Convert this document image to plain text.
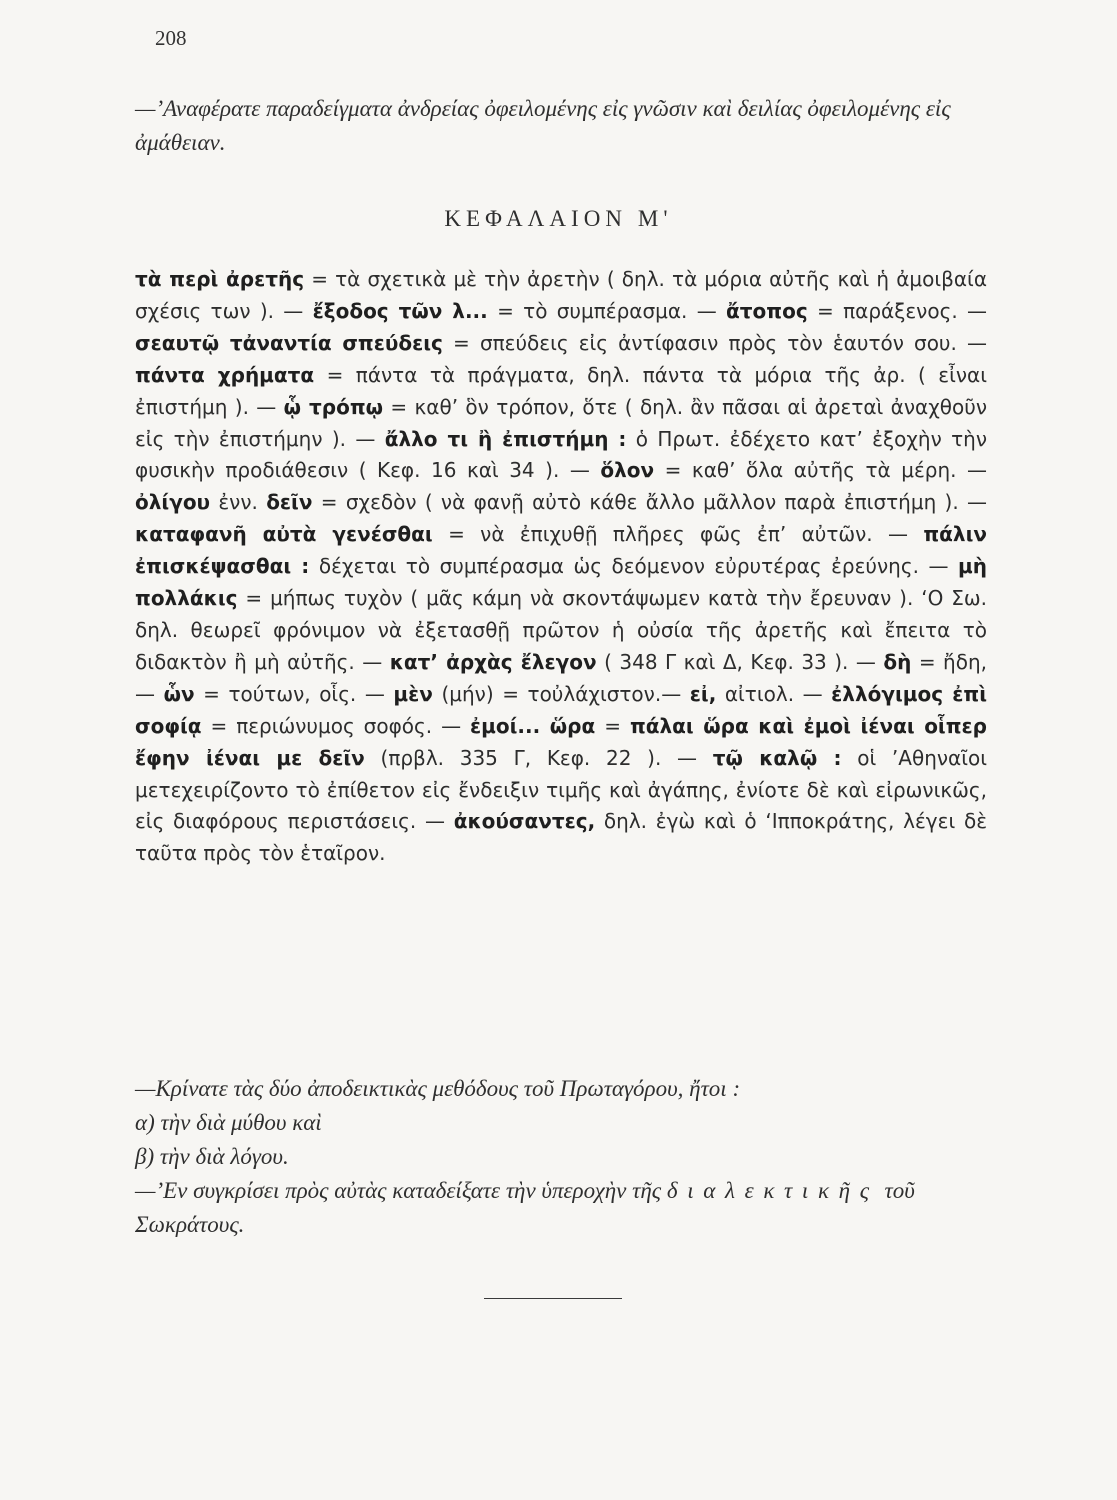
208
—’Αναφέρατε παραδείγματα ἀνδρείας ὀφειλομένης εἰς γνῶσιν καὶ δειλίας ὀφειλομένης εἰς ἀμάθειαν.
ΚΕΦΑΛΑΙΟΝ Μ'
τὰ περὶ ἀρετῆς = τὰ σχετικὰ μὲ τὴν ἀρετὴν ( δηλ. τὰ μόρια αὐτῆς καὶ ἡ ἀμοιβαία σχέσις των ). — ἔξοδος τῶν λ... = τὸ συμπέρασμα. — ἄτοπος = παράξενος. — σεαυτῷ τἀναντία σπεύδεις = σπεύδεις εἰς ἀντίφασιν πρὸς τὸν ἑαυτόν σου. — πάντα χρήματα = πάντα τὰ πράγματα, δηλ. πάντα τὰ μόρια τῆς ἀρ. ( εἶναι ἐπιστήμη ). — ᾧ τρόπῳ = καθ’ ὃν τρόπον, ὅτε ( δηλ. ἂν πᾶσαι αἱ ἀρεταὶ ἀναχθοῦν εἰς τὴν ἐπιστήμην ). — ἄλλο τι ἢ ἐπιστήμη : ὁ Πρωτ. ἐδέχετο κατ’ ἐξοχὴν τὴν φυσικὴν προδιάθεσιν ( Κεφ. 16 καὶ 34 ). — ὅλον = καθ’ ὅλα αὐτῆς τὰ μέρη. — ὀλίγου ἐνν. δεῖν = σχεδὸν ( νὰ φανῇ αὐτὸ κάθε ἄλλο μᾶλλον παρὰ ἐπιστήμη ). — καταφανῆ αὐτὰ γενέσθαι = νὰ ἐπιχυθῇ πλῆρες φῶς ἐπ’ αὐτῶν. — πάλιν ἐπισκέψασθαι : δέχεται τὸ συμπέρασμα ὡς δεόμενον εὐρυτέρας ἐρεύνης. — μὴ πολλάκις = μήπως τυχὸν ( μᾶς κάμη νὰ σκοντάψωμεν κατὰ τὴν ἔρευναν ). ‘Ο Σω. δηλ. θεωρεῖ φρόνιμον νὰ ἐξετασθῇ πρῶτον ἡ οὐσία τῆς ἀρετῆς καὶ ἔπειτα τὸ διδακτὸν ἢ μὴ αὐτῆς. — κατ’ ἀρχὰς ἔλεγον ( 348 Γ καὶ Δ, Κεφ. 33 ). — δὴ = ἤδη, — ὧν = τούτων, οἷς. — μὲν (μήν) = τοὐλάχιστον.— εἰ, αἰτιολ. — ἐλλόγιμος ἐπὶ σοφίᾳ = περιώνυμος σοφός. — ἐμοί... ὥρα = πάλαι ὥρα καὶ ἐμοὶ ἰέναι οἷπερ ἔφην ἰέναι με δεῖν (πρβλ. 335 Γ, Κεφ. 22 ). — τῷ καλῷ : οἱ ’Αθηναῖοι μετεχειρίζοντο τὸ ἐπίθετον εἰς ἔνδειξιν τιμῆς καὶ ἀγάπης, ἐνίοτε δὲ καὶ εἰρωνικῶς, εἰς διαφόρους περιστάσεις. — ἀκούσαντες, δηλ. ἐγὼ καὶ ὁ ‘Ιπποκράτης, λέγει δὲ ταῦτα πρὸς τὸν ἑταῖρον.
—Κρίνατε τὰς δύο ἀποδεικτικὰς μεθόδους τοῦ Πρωταγόρου, ἤτοι :
α) τὴν διὰ μύθου καὶ
β) τὴν διὰ λόγου.
—’Εν συγκρίσει πρὸς αὐτὰς καταδείξατε τὴν ὑπεροχὴν τῆς διαλεκτικῆς τοῦ Σωκράτους.
